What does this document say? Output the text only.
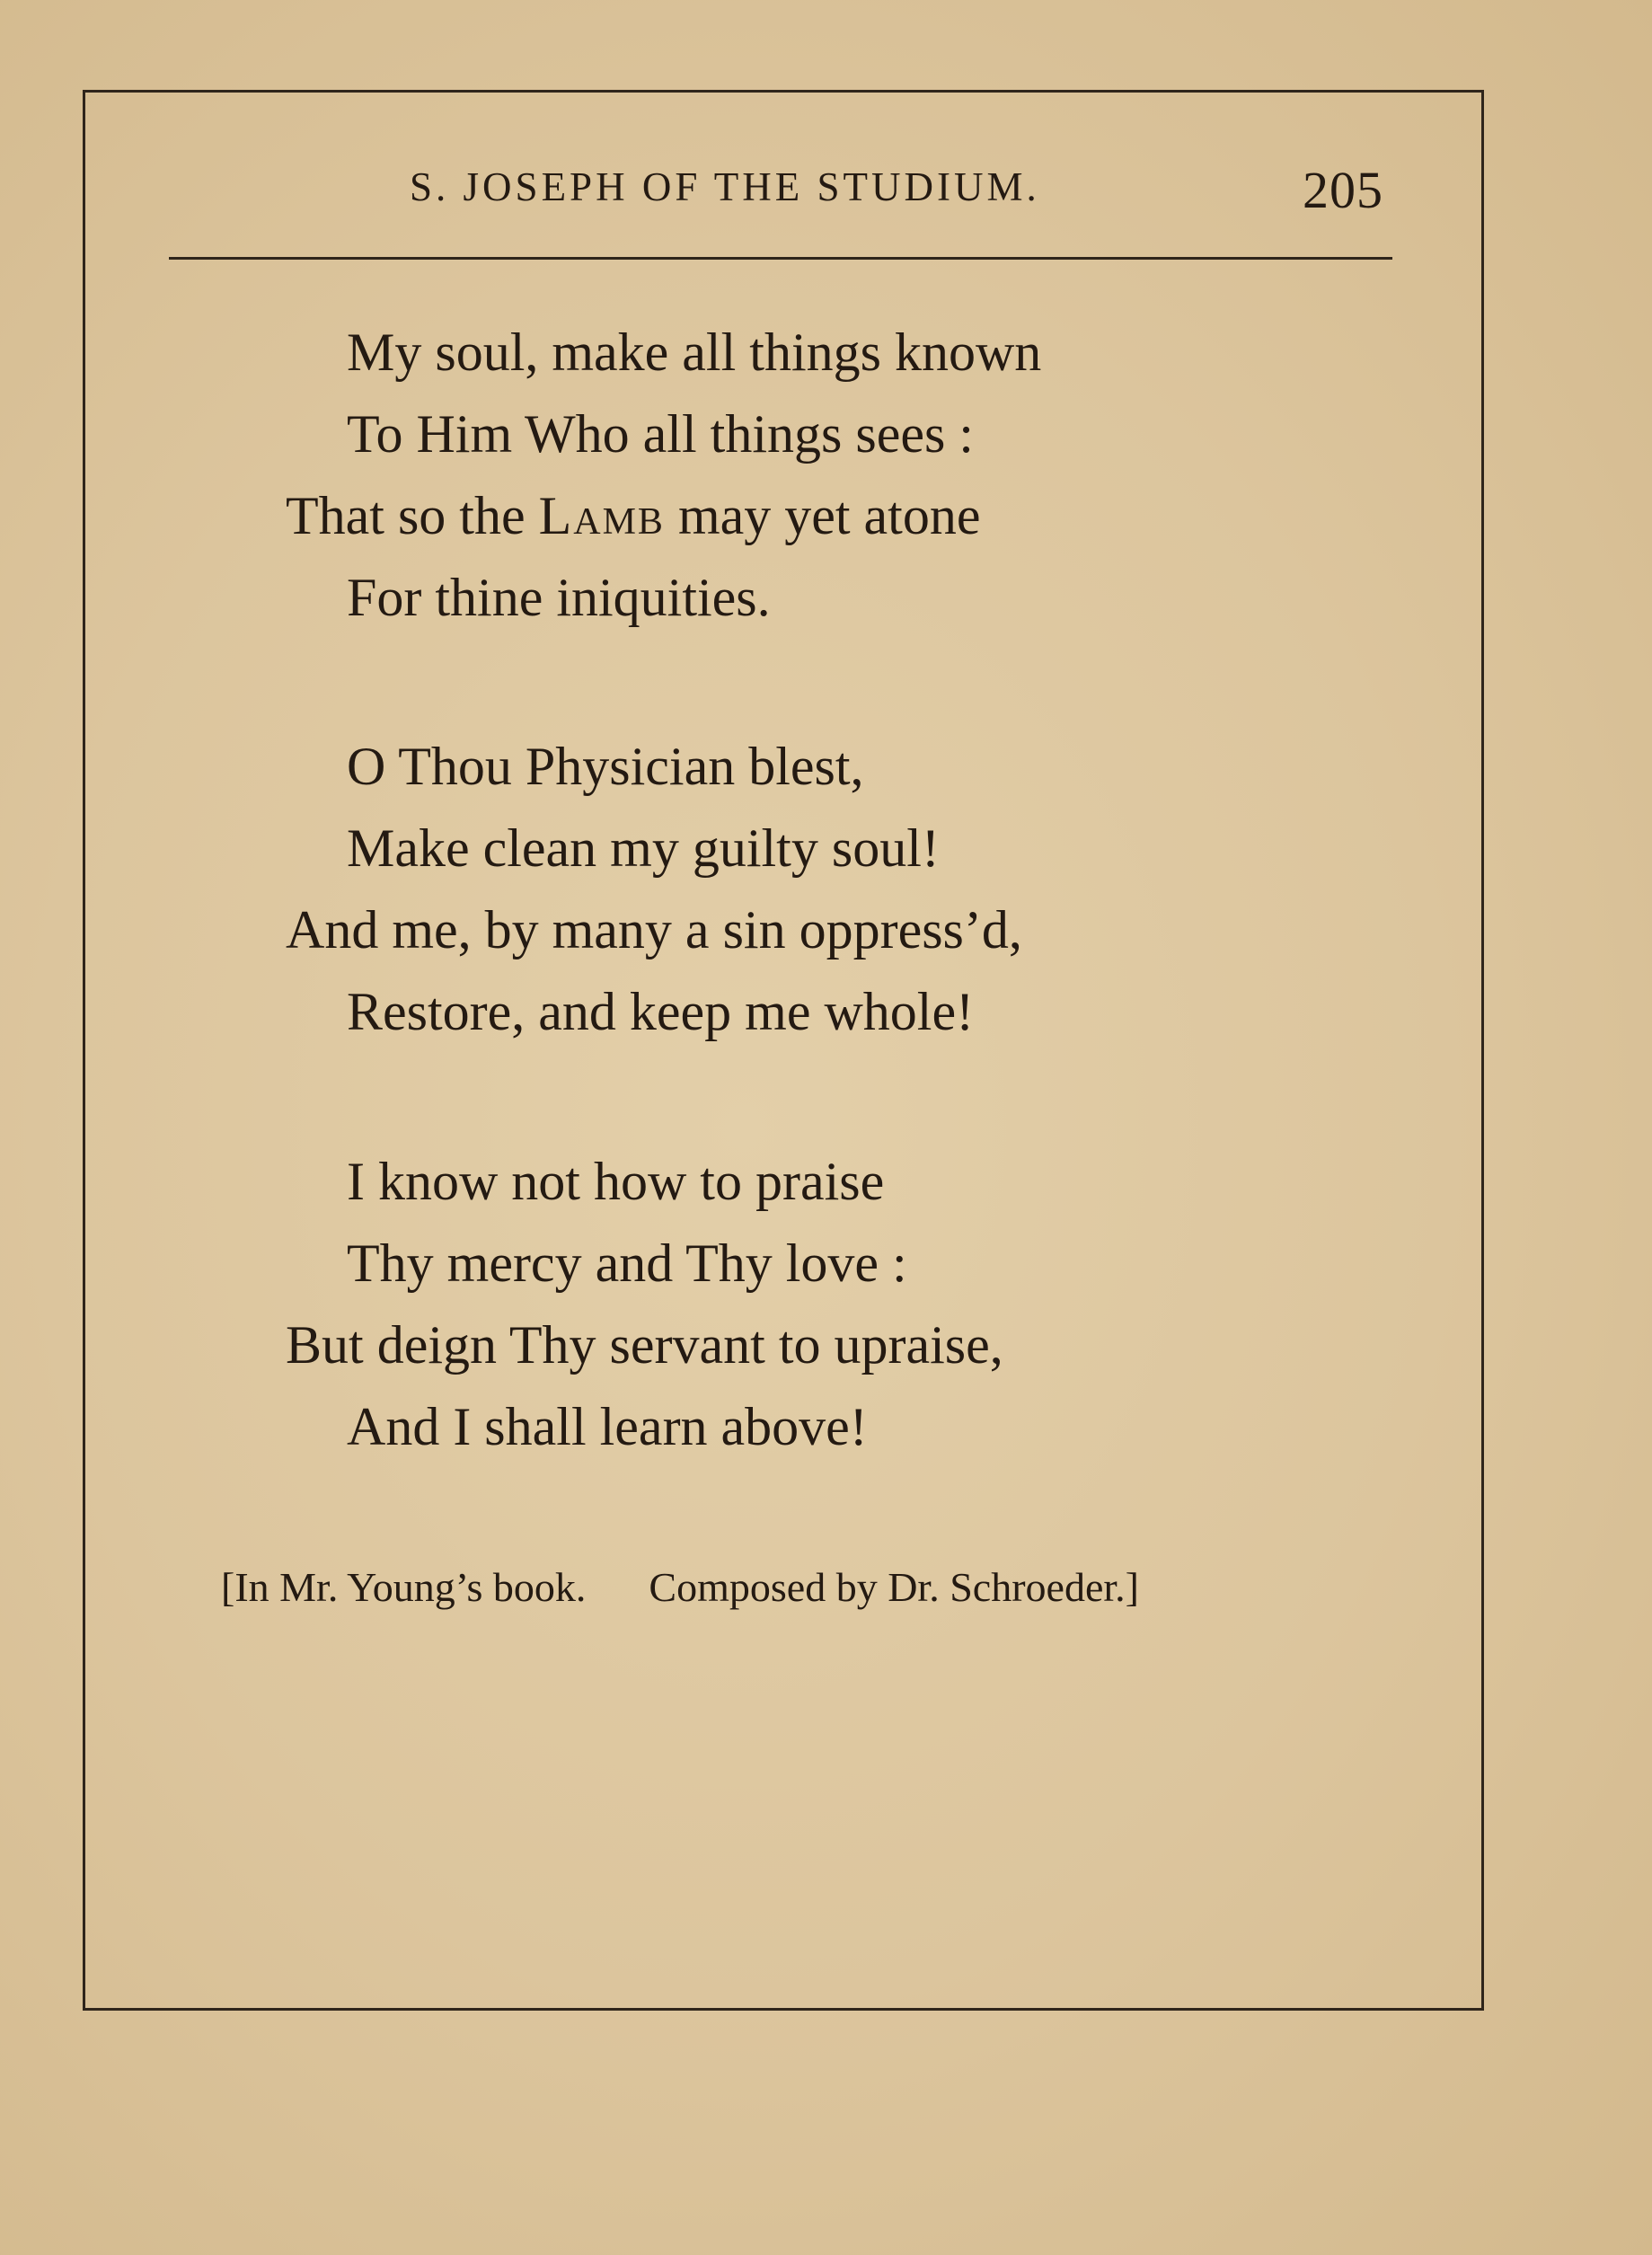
S. JOSEPH OF THE STUDIUM.	205
My soul, make all things known
To Him Who all things sees :
That so the Lamb may yet atone
For thine iniquities.
O Thou Physician blest,
Make clean my guilty soul!
And me, by many a sin oppress’d,
Restore, and keep me whole!
I know not how to praise
Thy mercy and Thy love :
But deign Thy servant to upraise,
And I shall learn above!
[In Mr. Young’s book. Composed by Dr. Schroeder.]
